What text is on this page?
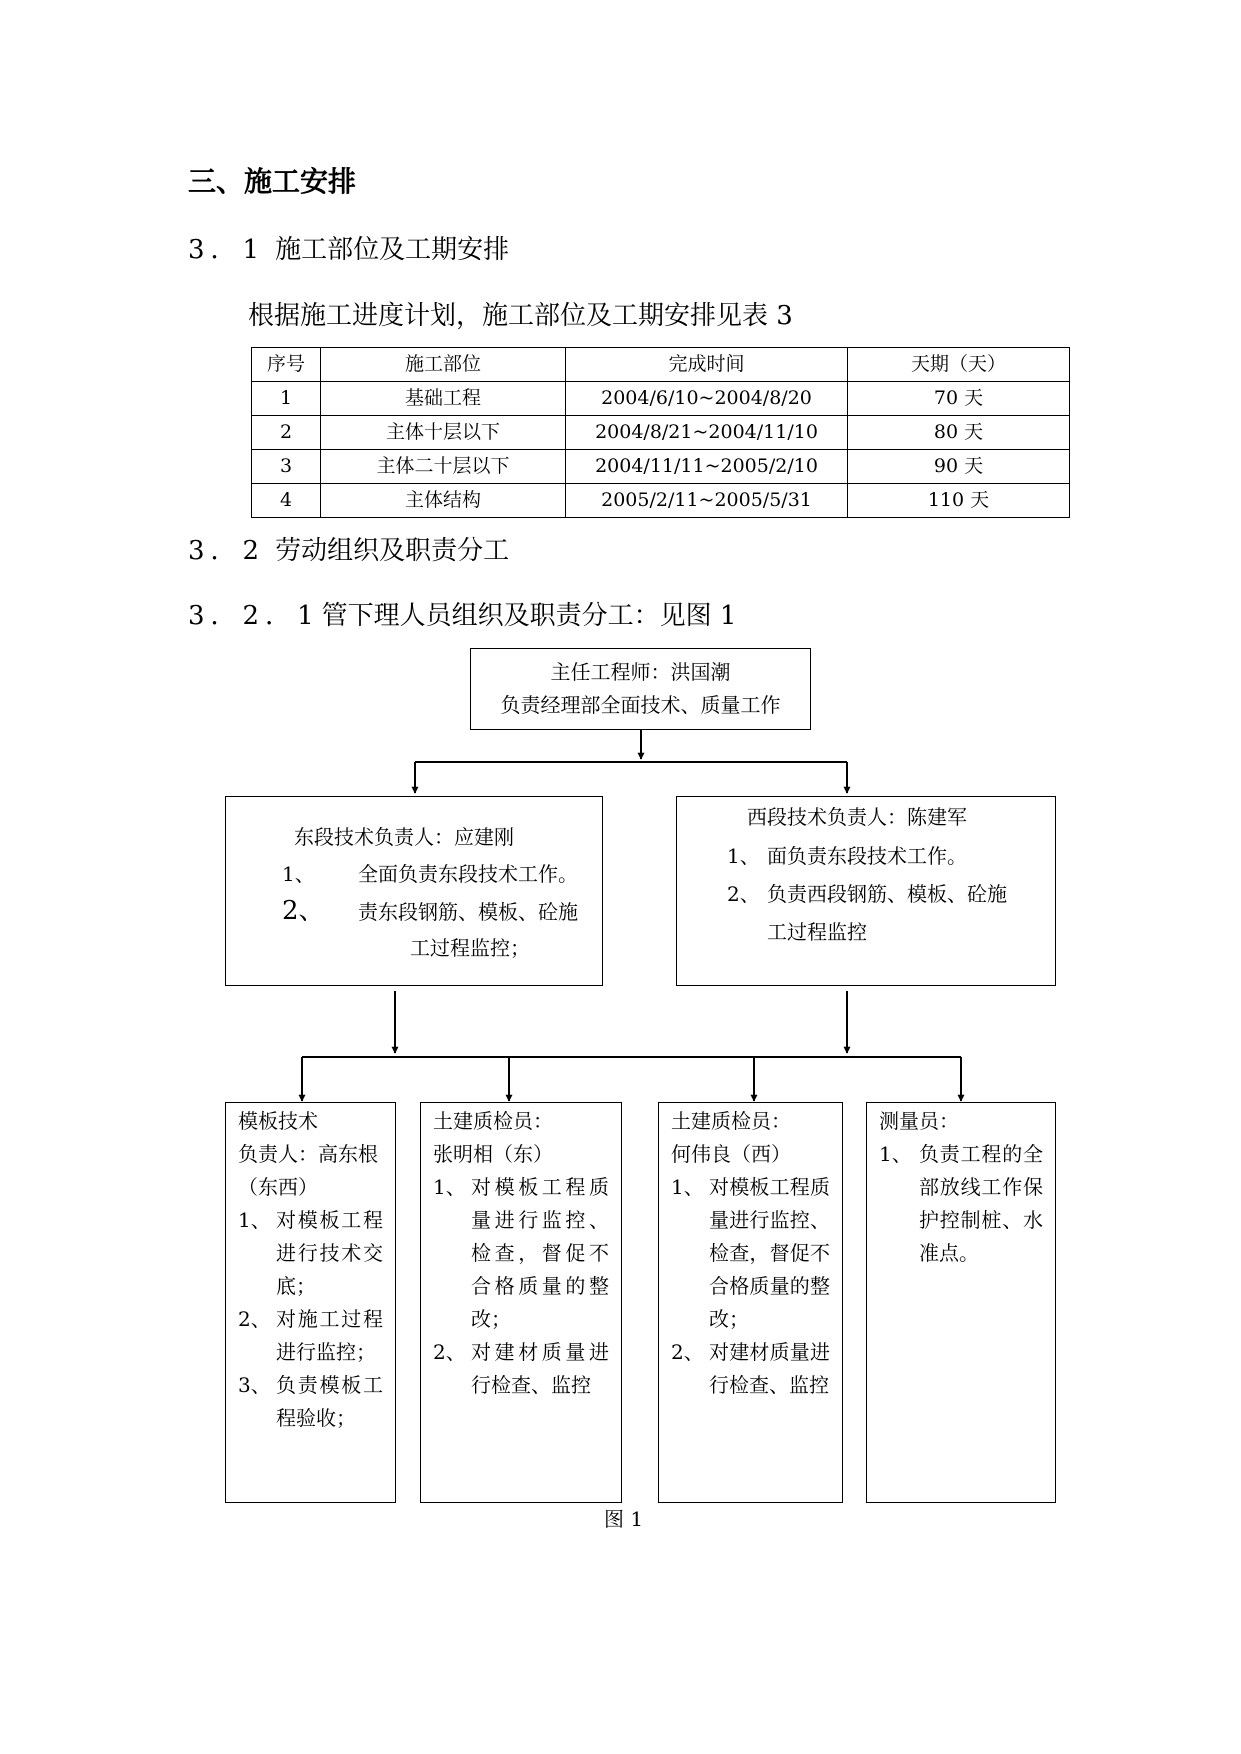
三、施工安排
3．1 施工部位及工期安排
根据施工进度计划，施工部位及工期安排见表 3
序号	施工部位	完成时间	天期（天）
1	基础工程	2004/6/10~2004/8/20	70 天
2	主体十层以下	2004/8/21~2004/11/10	80 天
3	主体二十层以下	2004/11/11~2005/2/10	90 天
4	主体结构	2005/2/11~2005/5/31	110 天
3．2 劳动组织及职责分工
3．2．1管下理人员组织及职责分工：见图 1
主任工程师：洪国潮
负责经理部全面技术、质量工作
东段技术负责人：应建刚
1、 全面负责东段技术工作。
2、 责东段钢筋、模板、砼施
工过程监控；
西段技术负责人：陈建军
1、 面负责东段技术工作。
2、 负责西段钢筋、模板、砼施
工过程监控
模板技术
负责人：高东根
（东西）
1、 对模板工程进行技术交底；
2、 对施工过程进行监控；
3、 负责模板工程验收；
土建质检员：
张明相（东）
1、 对模板工程质量进行监控、检查，督促不合格质量的整改；
2、 对建材质量进行检查、监控
土建质检员：
何伟良（西）
1、 对模板工程质量进行监控、检查，督促不合格质量的整改；
2、 对建材质量进行检查、监控
测量员：
1、 负责工程的全部放线工作保护控制桩、水准点。
图 1
